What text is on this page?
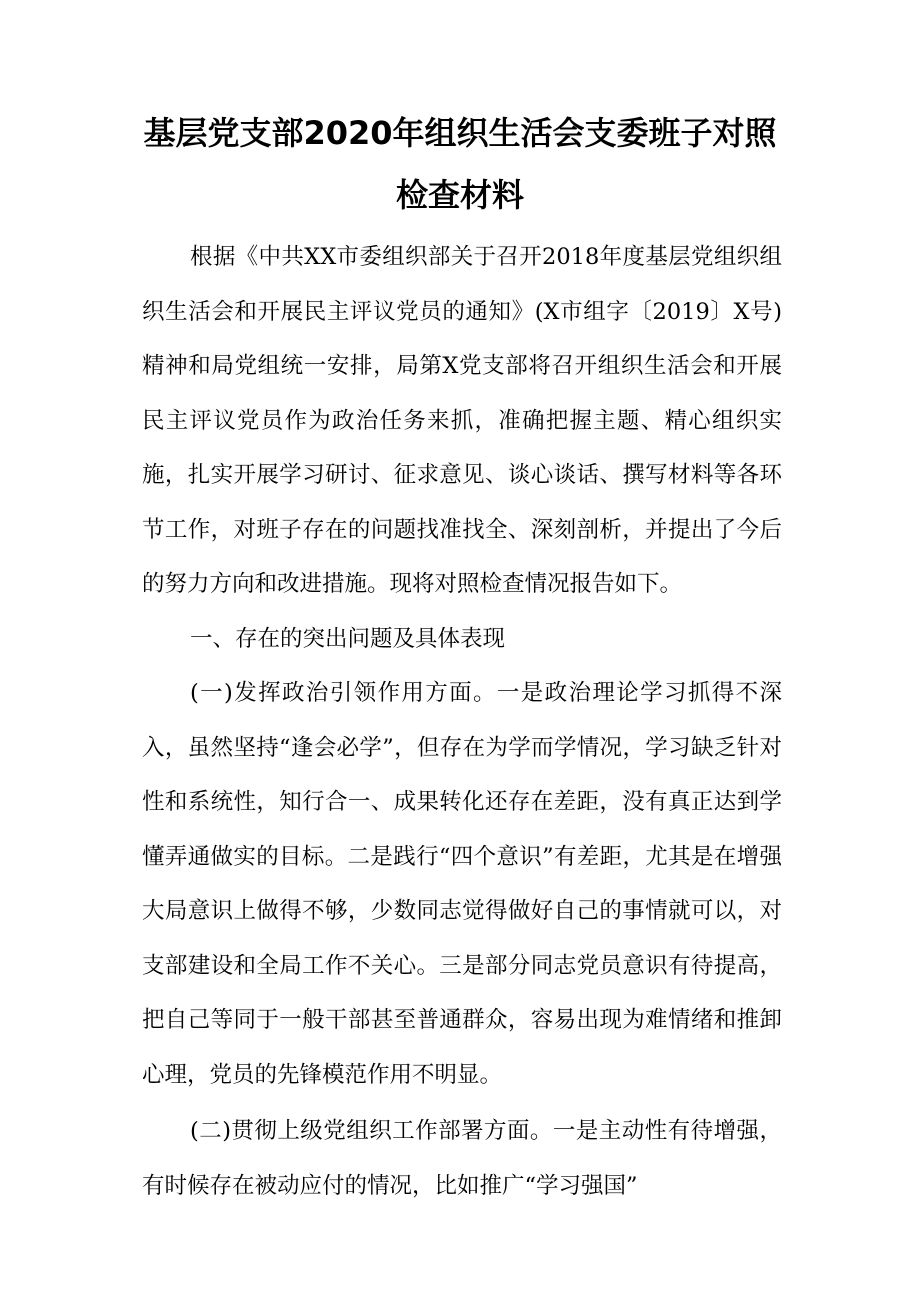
基层党支部2020年组织生活会支委班子对照
检查材料

根据《中共XX市委组织部关于召开2018年度基层党组织组织生活会和开展民主评议党员的通知》(X市组字〔2019〕X号)精神和局党组统一安排，局第X党支部将召开组织生活会和开展民主评议党员作为政治任务来抓，准确把握主题、精心组织实施，扎实开展学习研讨、征求意见、谈心谈话、撰写材料等各环节工作，对班子存在的问题找准找全、深刻剖析，并提出了今后的努力方向和改进措施。现将对照检查情况报告如下。

一、存在的突出问题及具体表现

(一)发挥政治引领作用方面。一是政治理论学习抓得不深入，虽然坚持“逢会必学”，但存在为学而学情况，学习缺乏针对性和系统性，知行合一、成果转化还存在差距，没有真正达到学懂弄通做实的目标。二是践行“四个意识”有差距，尤其是在增强大局意识上做得不够，少数同志觉得做好自己的事情就可以，对支部建设和全局工作不关心。三是部分同志党员意识有待提高，把自己等同于一般干部甚至普通群众，容易出现为难情绪和推卸心理，党员的先锋模范作用不明显。

(二)贯彻上级党组织工作部署方面。一是主动性有待增强，有时候存在被动应付的情况，比如推广“学习强国”
